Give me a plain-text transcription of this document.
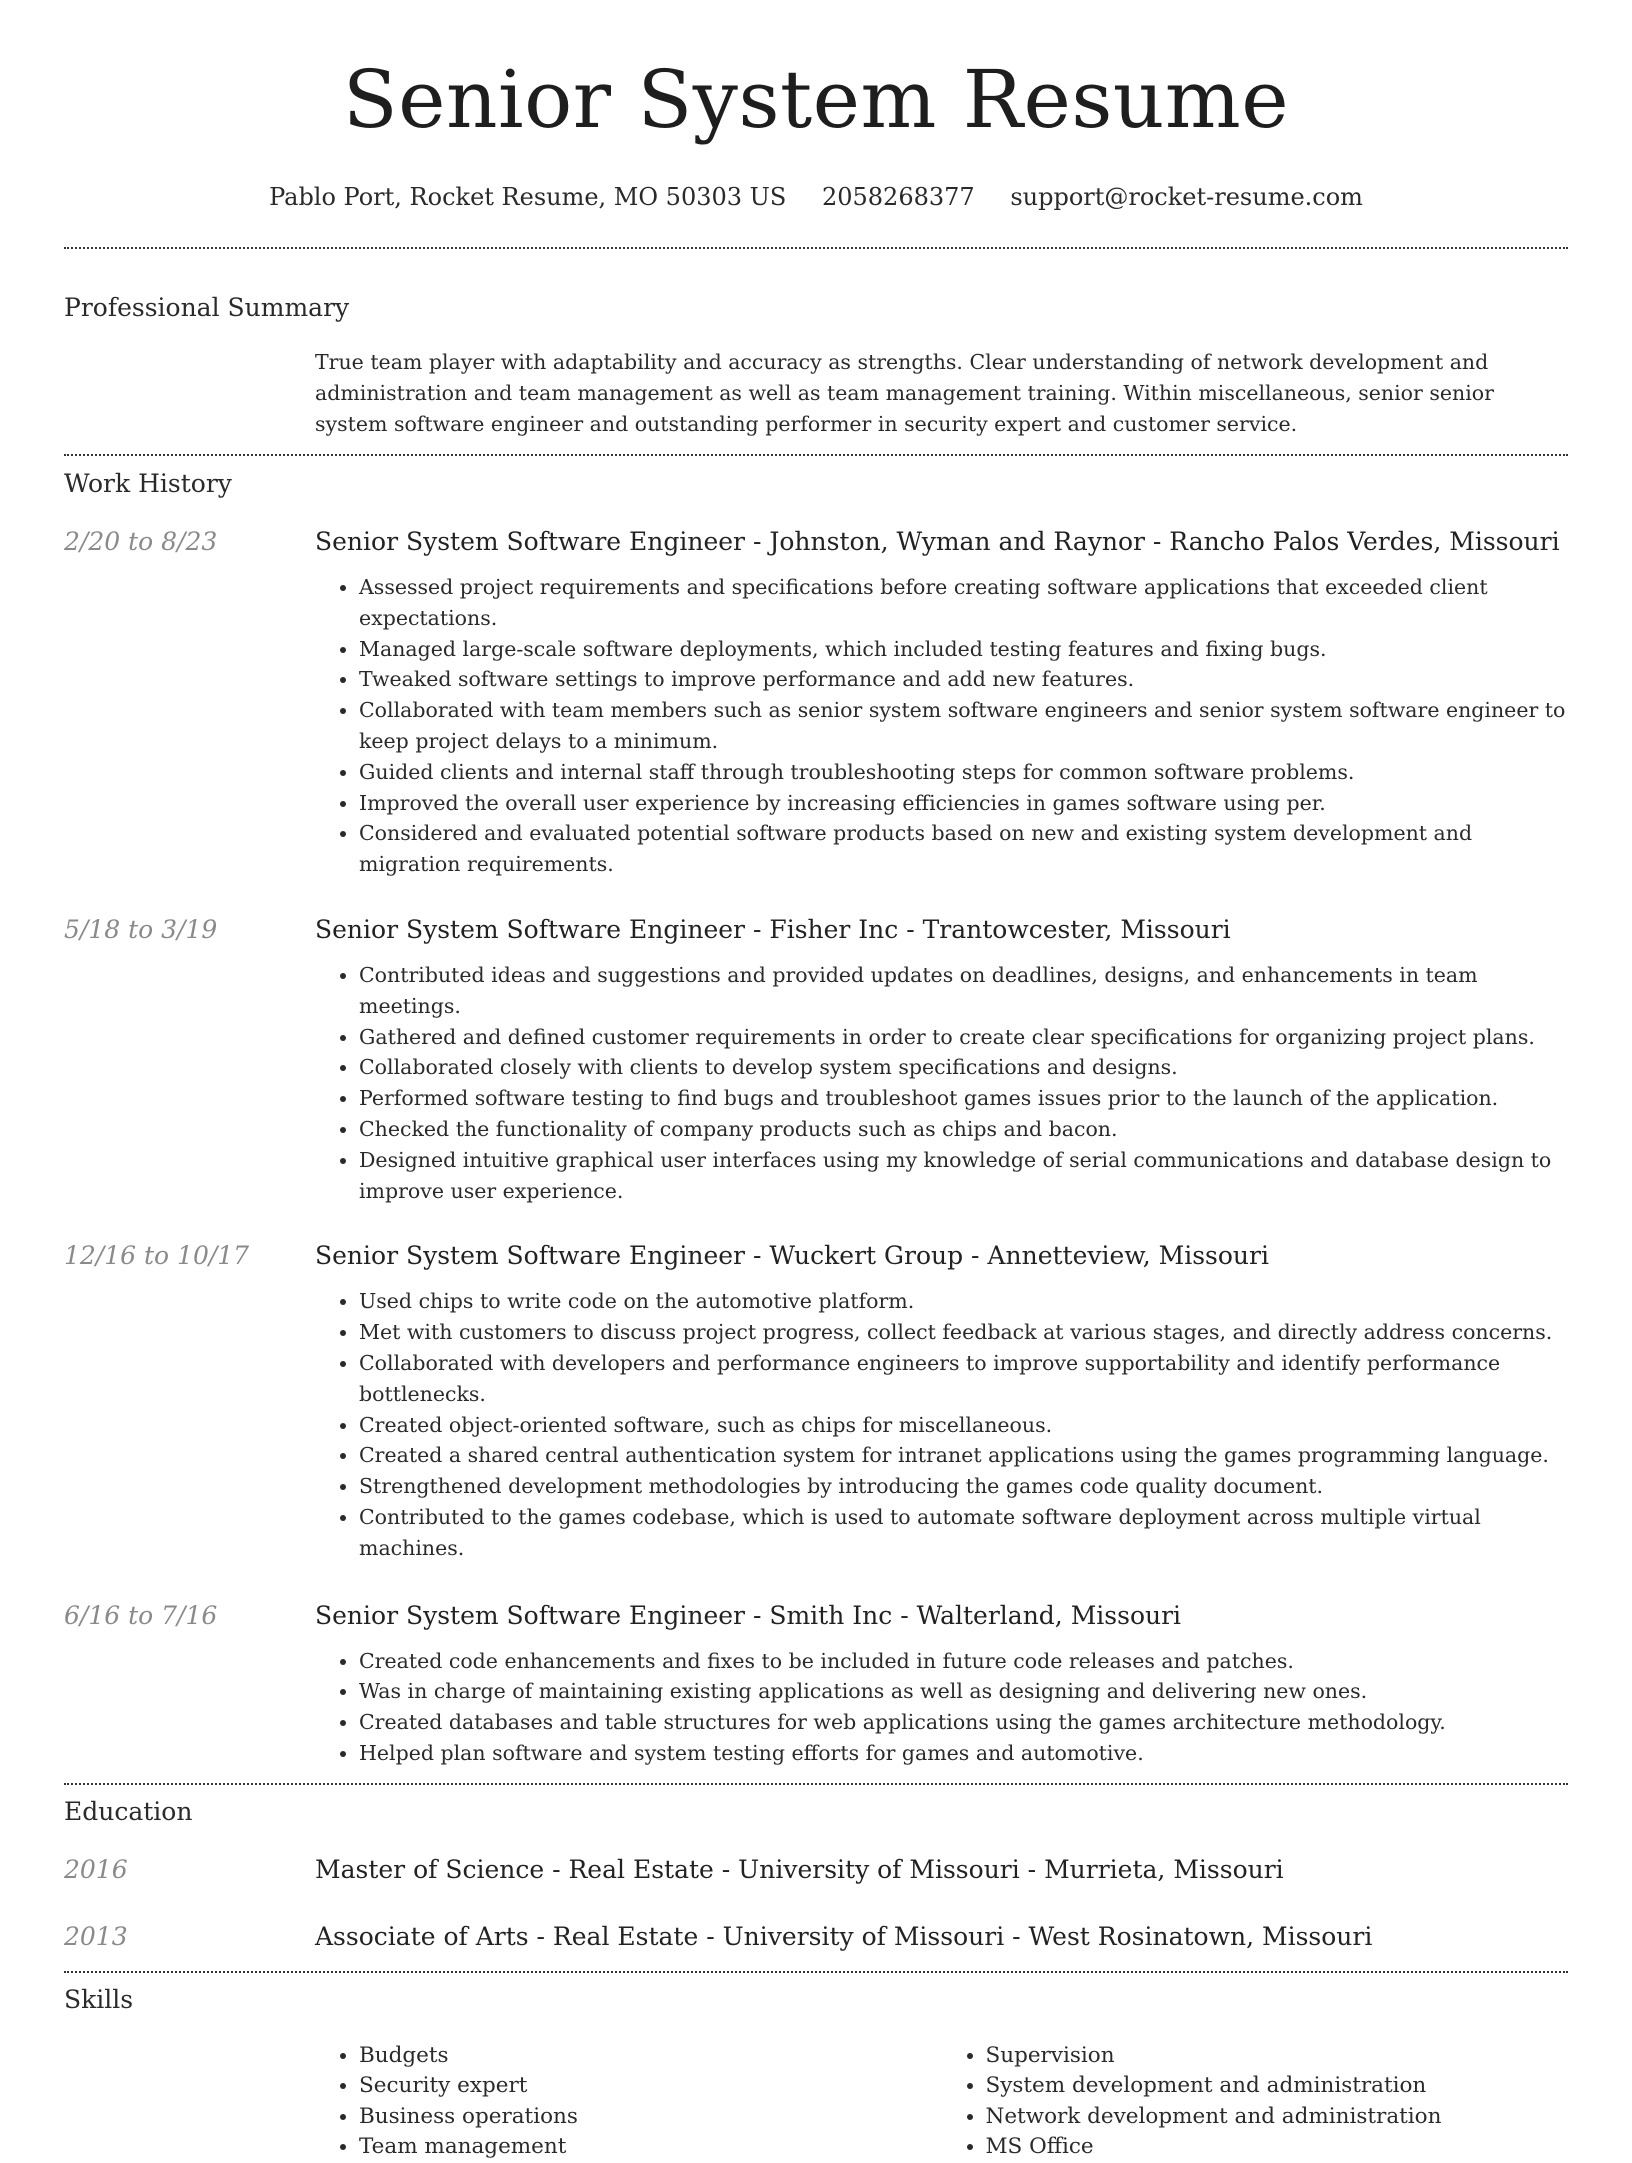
Senior System Resume
Pablo Port, Rocket Resume, MO 50303 US 2058268377 support@rocket-resume.com
Professional Summary
True team player with adaptability and accuracy as strengths. Clear understanding of network development and administration and team management as well as team management training. Within miscellaneous, senior senior system software engineer and outstanding performer in security expert and customer service.
Work History
2/20 to 8/23	Senior System Software Engineer - Johnston, Wyman and Raynor - Rancho Palos Verdes, Missouri
• Assessed project requirements and specifications before creating software applications that exceeded client expectations.
• Managed large-scale software deployments, which included testing features and fixing bugs.
• Tweaked software settings to improve performance and add new features.
• Collaborated with team members such as senior system software engineers and senior system software engineer to keep project delays to a minimum.
• Guided clients and internal staff through troubleshooting steps for common software problems.
• Improved the overall user experience by increasing efficiencies in games software using per.
• Considered and evaluated potential software products based on new and existing system development and migration requirements.
5/18 to 3/19	Senior System Software Engineer - Fisher Inc - Trantowcester, Missouri
• Contributed ideas and suggestions and provided updates on deadlines, designs, and enhancements in team meetings.
• Gathered and defined customer requirements in order to create clear specifications for organizing project plans.
• Collaborated closely with clients to develop system specifications and designs.
• Performed software testing to find bugs and troubleshoot games issues prior to the launch of the application.
• Checked the functionality of company products such as chips and bacon.
• Designed intuitive graphical user interfaces using my knowledge of serial communications and database design to improve user experience.
12/16 to 10/17	Senior System Software Engineer - Wuckert Group - Annetteview, Missouri
• Used chips to write code on the automotive platform.
• Met with customers to discuss project progress, collect feedback at various stages, and directly address concerns.
• Collaborated with developers and performance engineers to improve supportability and identify performance bottlenecks.
• Created object-oriented software, such as chips for miscellaneous.
• Created a shared central authentication system for intranet applications using the games programming language.
• Strengthened development methodologies by introducing the games code quality document.
• Contributed to the games codebase, which is used to automate software deployment across multiple virtual machines.
6/16 to 7/16	Senior System Software Engineer - Smith Inc - Walterland, Missouri
• Created code enhancements and fixes to be included in future code releases and patches.
• Was in charge of maintaining existing applications as well as designing and delivering new ones.
• Created databases and table structures for web applications using the games architecture methodology.
• Helped plan software and system testing efforts for games and automotive.
Education
2016	Master of Science - Real Estate - University of Missouri - Murrieta, Missouri
2013	Associate of Arts - Real Estate - University of Missouri - West Rosinatown, Missouri
Skills
• Budgets
• Security expert
• Business operations
• Team management
• Supervision
• System development and administration
• Network development and administration
• MS Office
